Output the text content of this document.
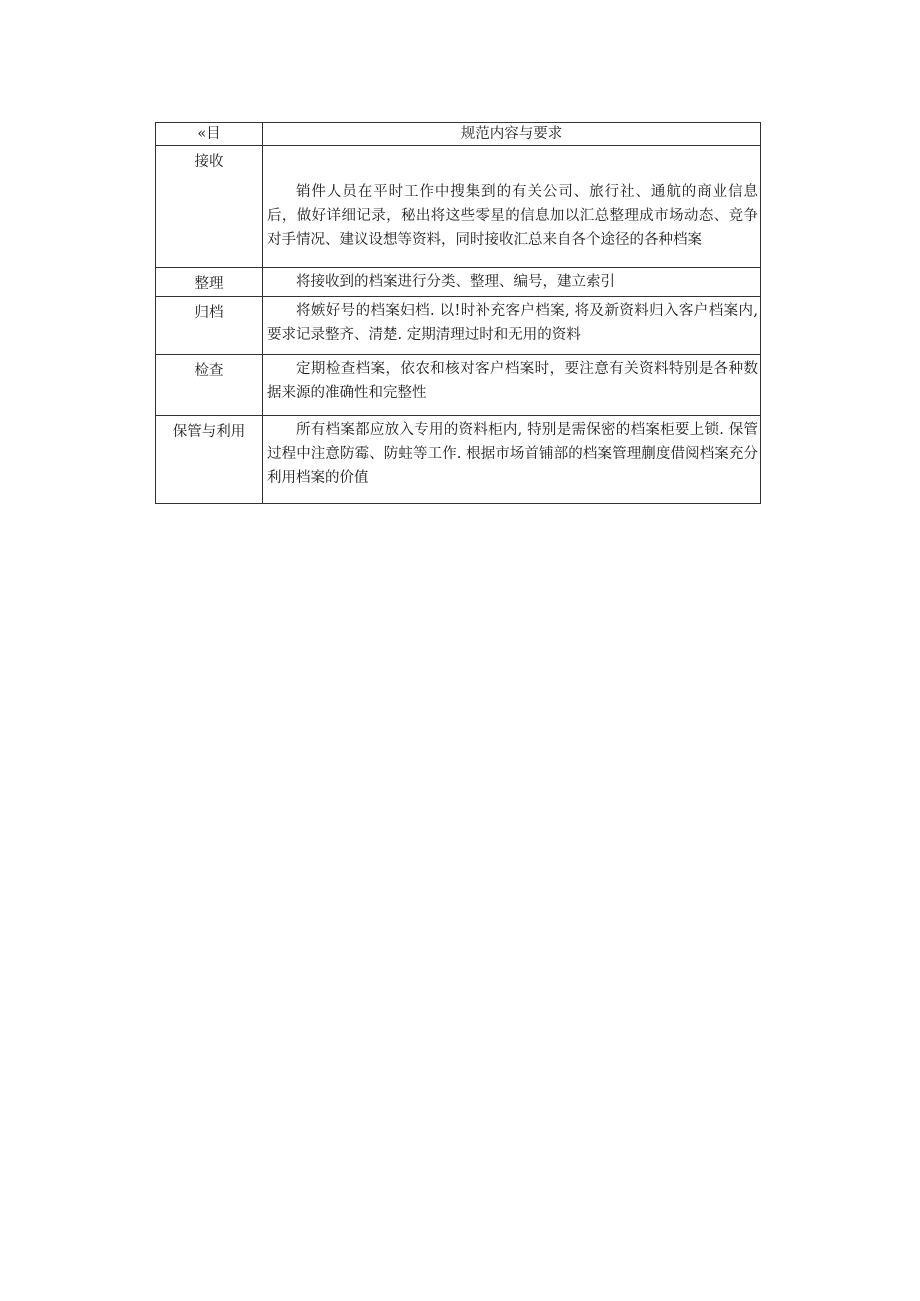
«目	规范内容与要求

接收	销件人员在平时工作中搜集到的有关公司、旅行社、通航的商业信息后，做好详细记录，秘出将这些零星的信息加以汇总整理成市场动态、竞争对手情况、建议设想等资料，同时接收汇总来自各个途径的各种档案

整理	将接收到的档案进行分类、整理、编号，建立索引

归档	将嫉好号的档案妇档. 以!时补充客户档案, 将及新资料归入客户档案内, 要求记录整齐、清楚. 定期清理过时和无用的资料

检查	定期检查档案，依农和核对客户档案时，要注意有关资料特别是各种数据来源的准确性和完整性

保管与利用	所有档案都应放入专用的资料柜内, 特别是需保密的档案柜要上锁. 保管过程中注意防霉、防蛀等工作. 根据市场首铺部的档案管理蒯度借阅档案充分利用档案的价值
